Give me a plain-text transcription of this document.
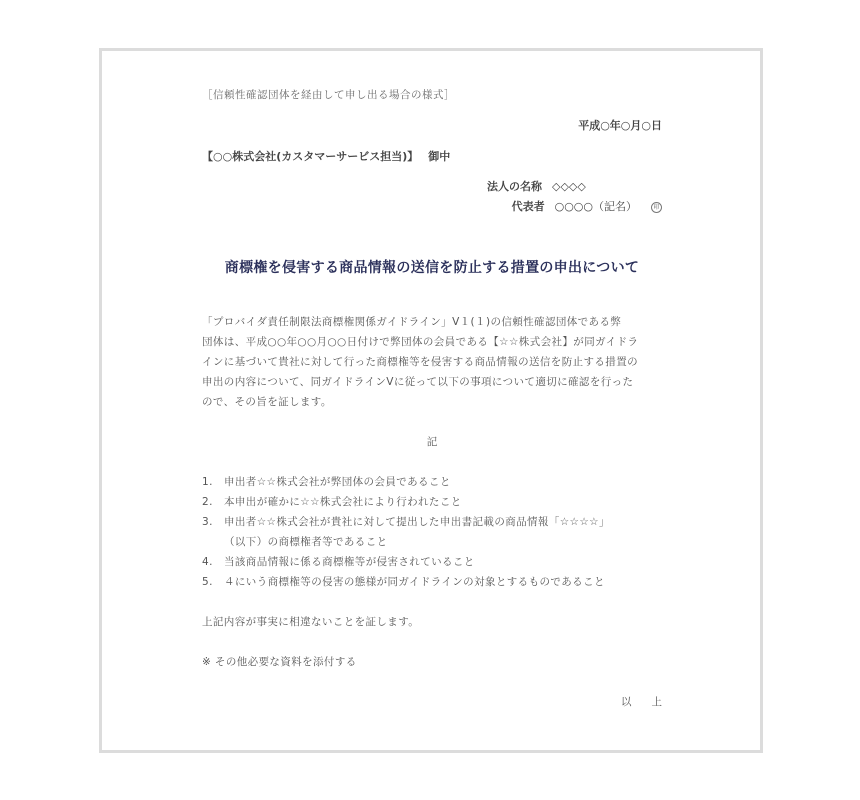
［信頼性確認団体を経由して申し出る場合の様式］
平成○年○月○日
【○○株式会社(カスタマーサービス担当)】 御中
法人の名称 ◇◇◇◇
代表者 ○○○○（記名）	印
商標権を侵害する商品情報の送信を防止する措置の申出について
「プロバイダ責任制限法商標権関係ガイドライン」V１(１)の信頼性確認団体である弊
団体は、平成○○年○○月○○日付けで弊団体の会員である【☆☆株式会社】が同ガイドラ
インに基づいて貴社に対して行った商標権等を侵害する商品情報の送信を防止する措置の
申出の内容について、同ガイドラインVに従って以下の事項について適切に確認を行った
ので、その旨を証します。
記
1. 申出者☆☆株式会社が弊団体の会員であること
2. 本申出が確かに☆☆株式会社により行われたこと
3. 申出者☆☆株式会社が貴社に対して提出した申出書記載の商品情報「☆☆☆☆」
（以下）の商標権者等であること
4. 当該商品情報に係る商標権等が侵害されていること
5. ４にいう商標権等の侵害の態様が同ガイドラインの対象とするものであること
上記内容が事実に相違ないことを証します。
※ その他必要な資料を添付する
以上
